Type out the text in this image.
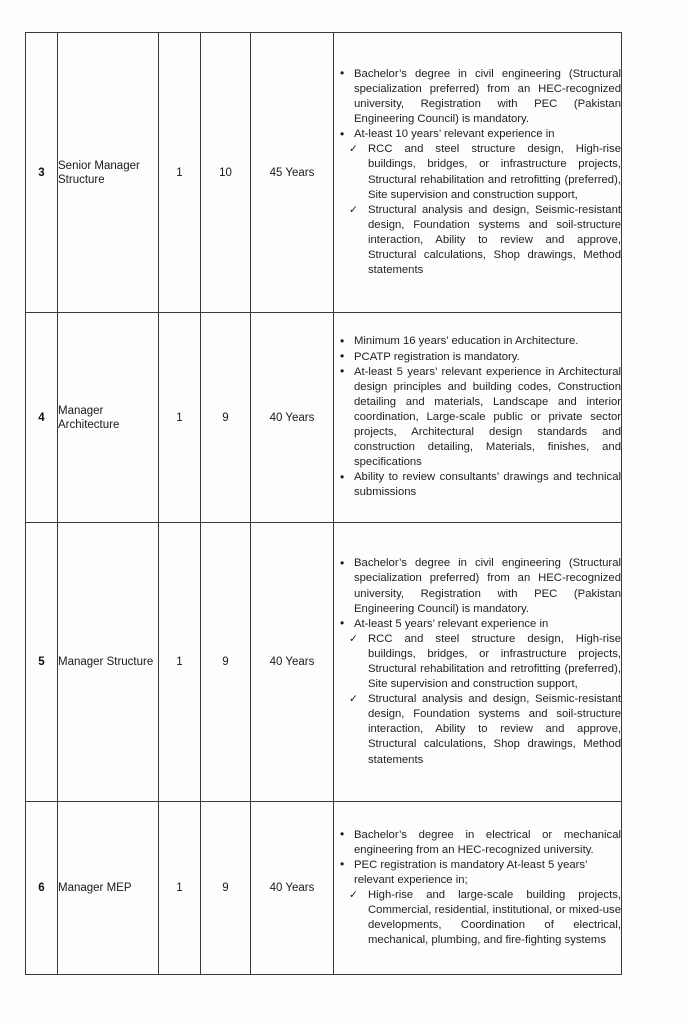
3	Senior Manager Structure	1	10	45 Years	
• Bachelor’s degree in civil engineering (Structural specialization preferred) from an HEC-recognized university, Registration with PEC (Pakistan Engineering Council) is mandatory.
• At-least 10 years’ relevant experience in
✓ RCC and steel structure design, High-rise buildings, bridges, or infrastructure projects, Structural rehabilitation and retrofitting (preferred), Site supervision and construction support,
✓ Structural analysis and design, Seismic-resistant design, Foundation systems and soil-structure interaction, Ability to review and approve, Structural calculations, Shop drawings, Method statements

4	Manager Architecture	1	9	40 Years	
• Minimum 16 years’ education in Architecture.
• PCATP registration is mandatory.
• At-least 5 years’ relevant experience in Architectural design principles and building codes, Construction detailing and materials, Landscape and interior coordination, Large-scale public or private sector projects, Architectural design standards and construction detailing, Materials, finishes, and specifications
• Ability to review consultants’ drawings and technical submissions

5	Manager Structure	1	9	40 Years	
• Bachelor’s degree in civil engineering (Structural specialization preferred) from an HEC-recognized university, Registration with PEC (Pakistan Engineering Council) is mandatory.
• At-least 5 years’ relevant experience in
✓ RCC and steel structure design, High-rise buildings, bridges, or infrastructure projects, Structural rehabilitation and retrofitting (preferred), Site supervision and construction support,
✓ Structural analysis and design, Seismic-resistant design, Foundation systems and soil-structure interaction, Ability to review and approve, Structural calculations, Shop drawings, Method statements

6	Manager MEP	1	9	40 Years	
• Bachelor’s degree in electrical or mechanical engineering from an HEC-recognized university.
• PEC registration is mandatory At-least 5 years’ relevant experience in;
✓ High-rise and large-scale building projects, Commercial, residential, institutional, or mixed-use developments, Coordination of electrical, mechanical, plumbing, and fire-fighting systems
